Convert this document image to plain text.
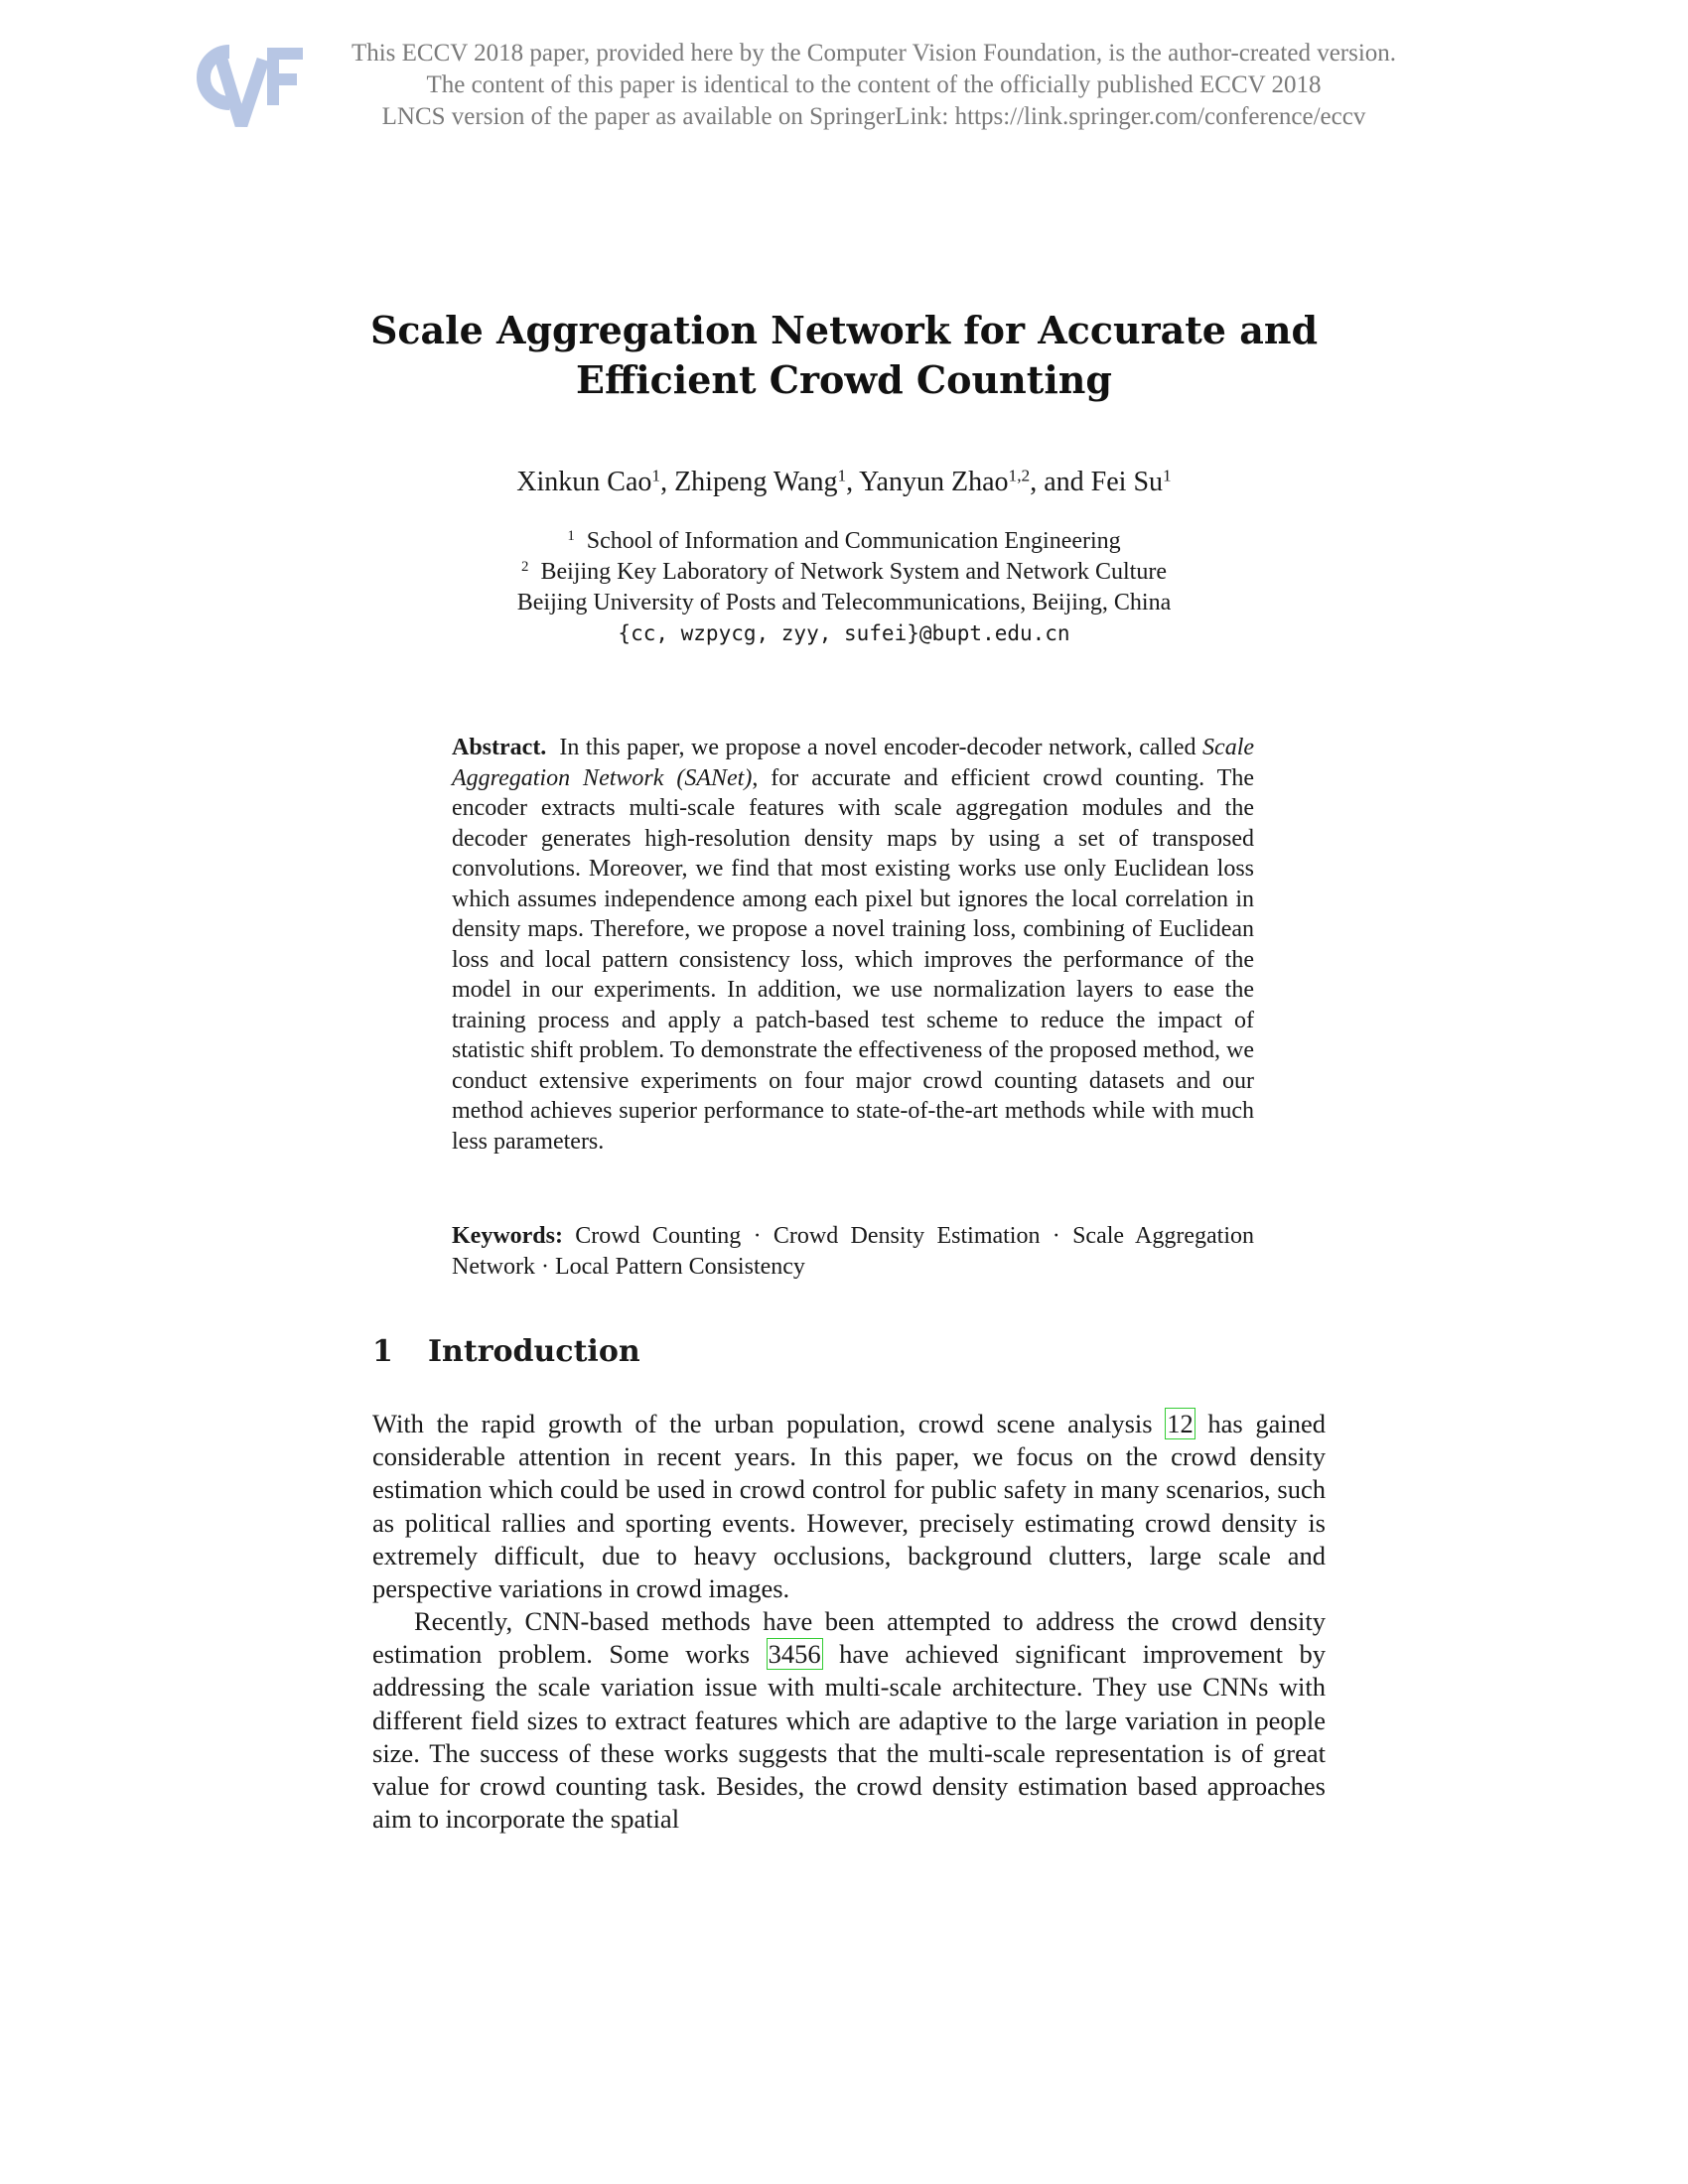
This ECCV 2018 paper, provided here by the Computer Vision Foundation, is the author-created version.
The content of this paper is identical to the content of the officially published ECCV 2018
LNCS version of the paper as available on SpringerLink: https://link.springer.com/conference/eccv
Scale Aggregation Network for Accurate and
Efficient Crowd Counting
Xinkun Cao$^1$, Zhipeng Wang$^1$, Yanyun Zhao$^{1,2}$, and Fei Su$^1$
$^1$ School of Information and Communication Engineering
$^2$ Beijing Key Laboratory of Network System and Network Culture
Beijing University of Posts and Telecommunications, Beijing, China
{cc, wzpycg, zyy, sufei}@bupt.edu.cn
Abstract. In this paper, we propose a novel encoder-decoder network, called Scale Aggregation Network (SANet), for accurate and efficient crowd counting. The encoder extracts multi-scale features with scale aggregation modules and the decoder generates high-resolution density maps by using a set of transposed convolutions. Moreover, we find that most existing works use only Euclidean loss which assumes independence among each pixel but ignores the local correlation in density maps. Therefore, we propose a novel training loss, combining of Euclidean loss and local pattern consistency loss, which improves the performance of the model in our experiments. In addition, we use normalization layers to ease the training process and apply a patch-based test scheme to reduce the impact of statistic shift problem. To demonstrate the effectiveness of the proposed method, we conduct extensive experiments on four major crowd counting datasets and our method achieves superior performance to state-of-the-art methods while with much less parameters.
Keywords: Crowd Counting · Crowd Density Estimation · Scale Aggregation Network · Local Pattern Consistency
1 Introduction
With the rapid growth of the urban population, crowd scene analysis 12 has gained considerable attention in recent years. In this paper, we focus on the crowd density estimation which could be used in crowd control for public safety in many scenarios, such as political rallies and sporting events. However, precisely estimating crowd density is extremely difficult, due to heavy occlusions, background clutters, large scale and perspective variations in crowd images.
Recently, CNN-based methods have been attempted to address the crowd density estimation problem. Some works 3456 have achieved significant improvement by addressing the scale variation issue with multi-scale architecture. They use CNNs with different field sizes to extract features which are adaptive to the large variation in people size. The success of these works suggests that the multi-scale representation is of great value for crowd counting task. Besides, the crowd density estimation based approaches aim to incorporate the spatial
